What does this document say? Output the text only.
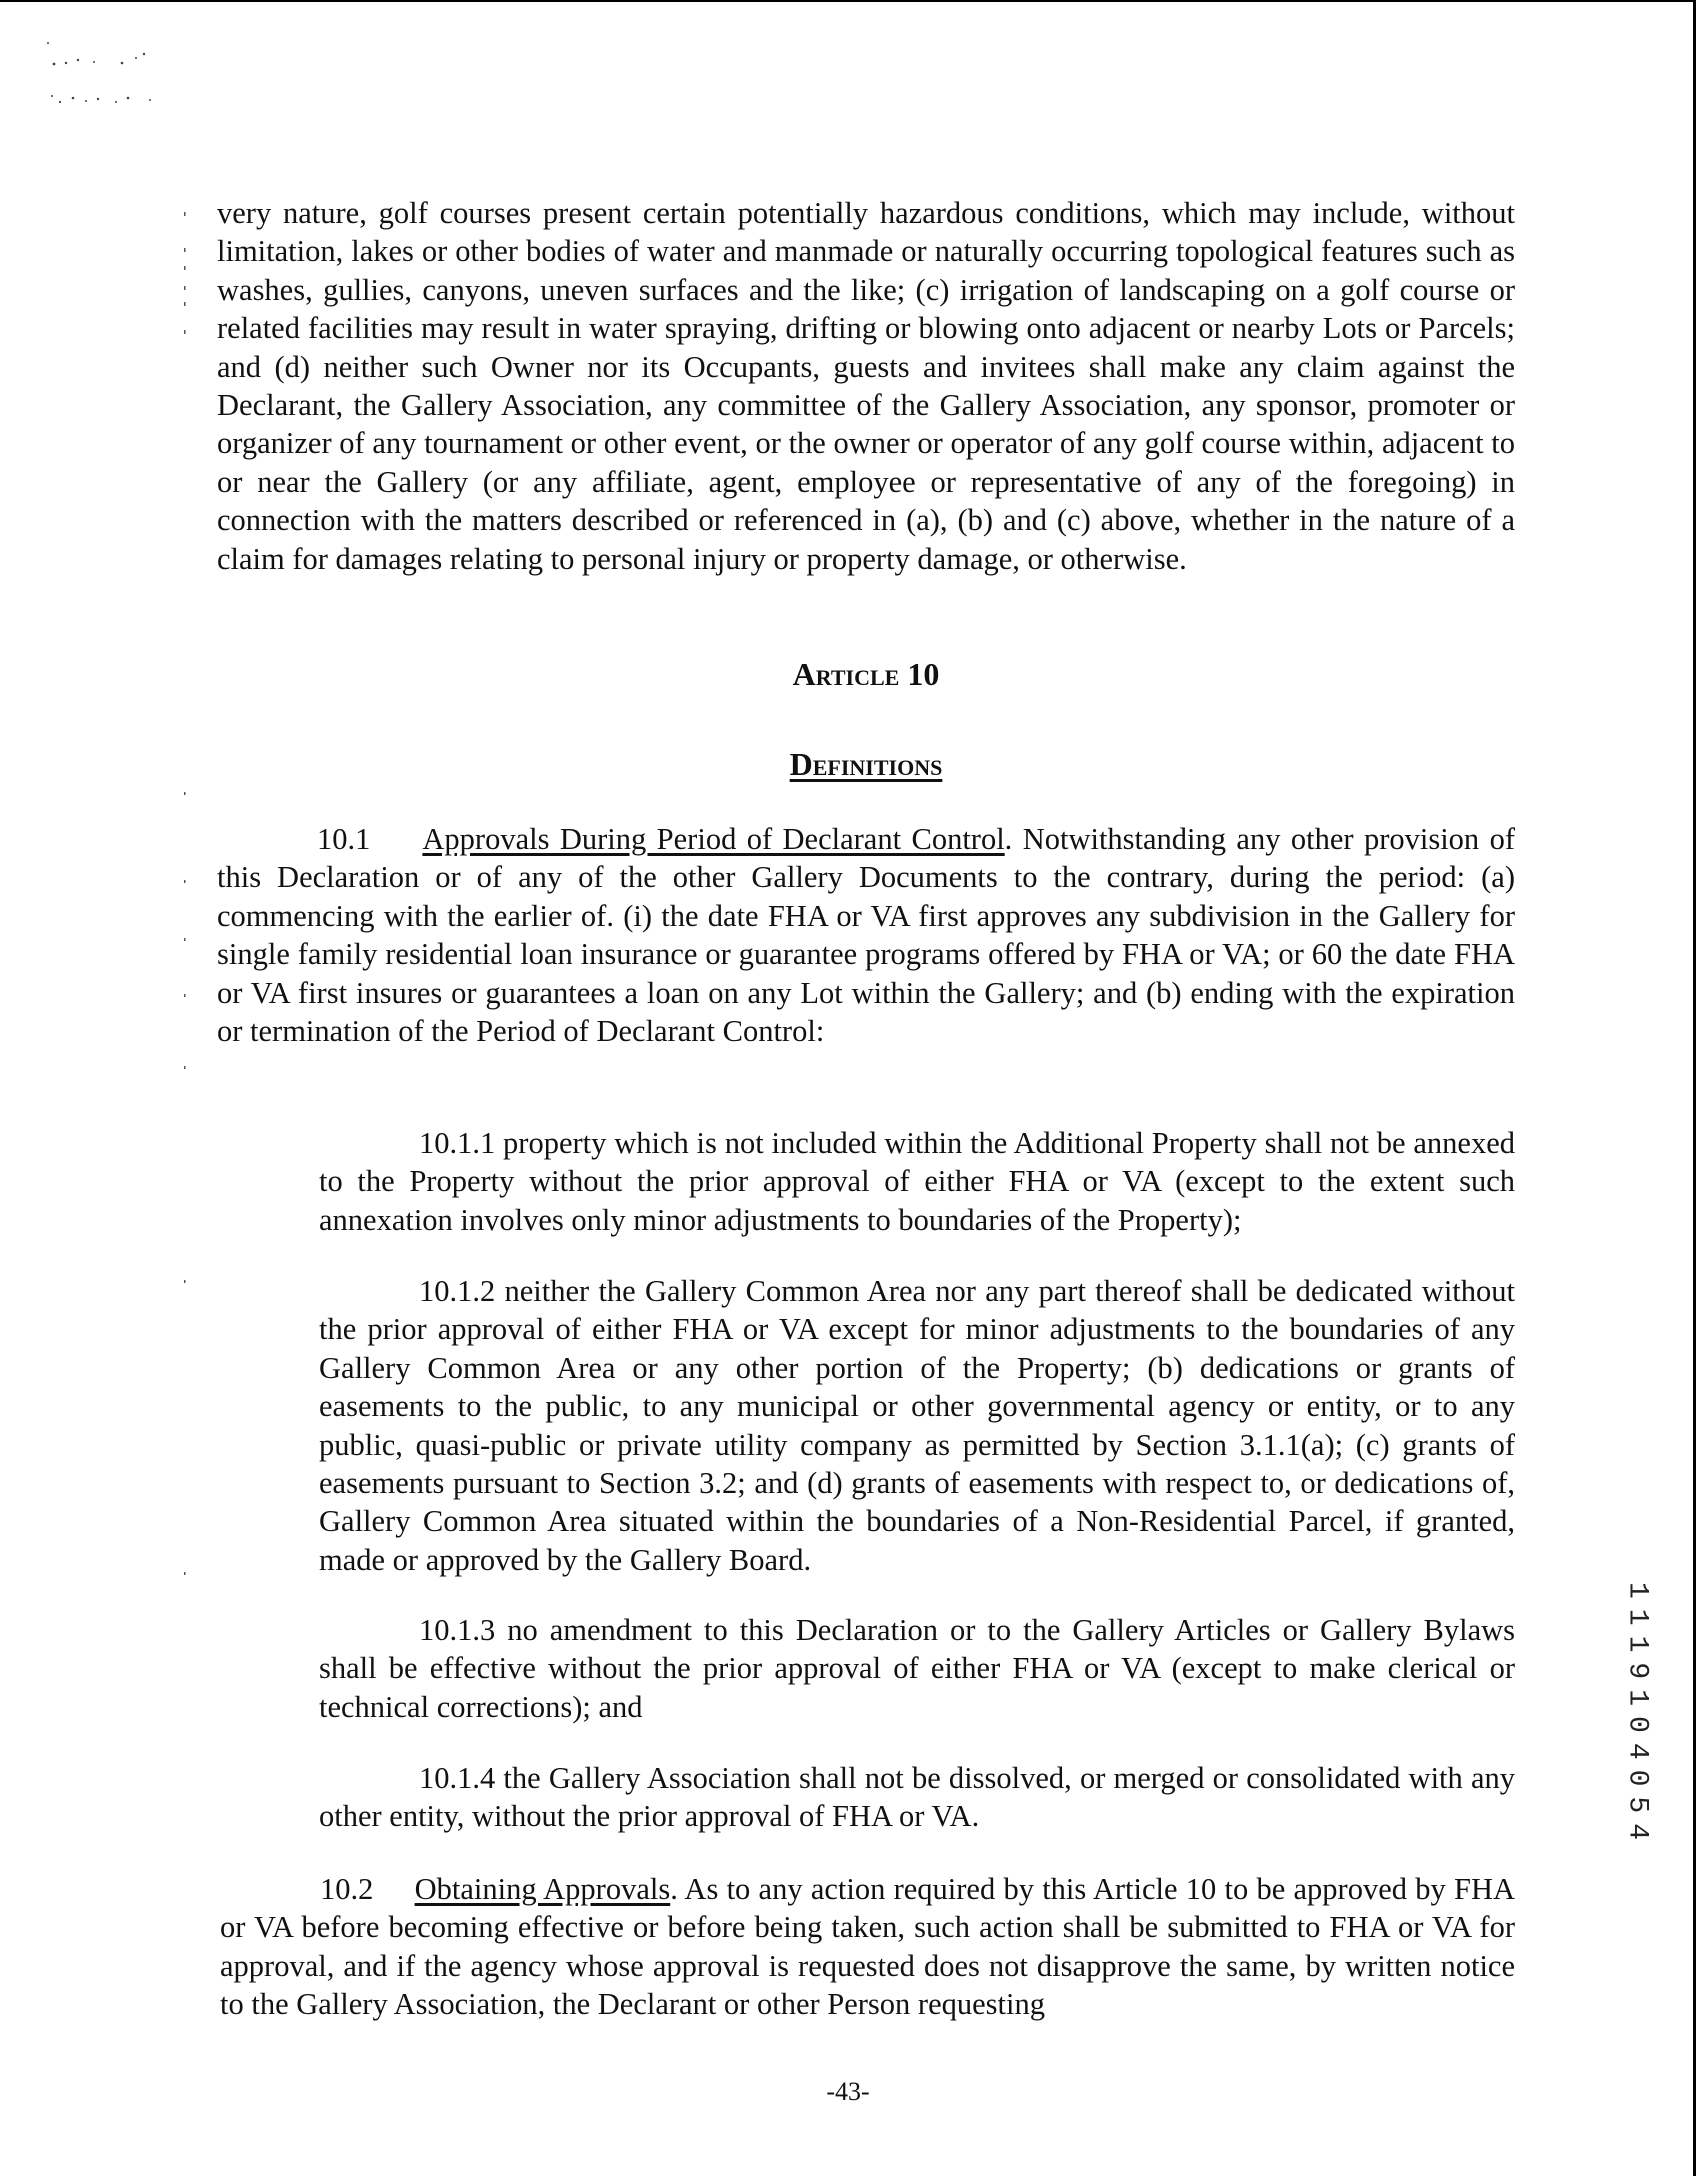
very nature, golf courses present certain potentially hazardous conditions, which may include, without limitation, lakes or other bodies of water and manmade or naturally occurring topological features such as washes, gullies, canyons, uneven surfaces and the like; (c) irrigation of landscaping on a golf course or related facilities may result in water spraying, drifting or blowing onto adjacent or nearby Lots or Parcels; and (d) neither such Owner nor its Occupants, guests and invitees shall make any claim against the Declarant, the Gallery Association, any committee of the Gallery Association, any sponsor, promoter or organizer of any tournament or other event, or the owner or operator of any golf course within, adjacent to or near the Gallery (or any affiliate, agent, employee or representative of any of the foregoing) in connection with the matters described or referenced in (a), (b) and (c) above, whether in the nature of a claim for damages relating to personal injury or property damage, or otherwise.
Article 10
Definitions
10.1 Approvals During Period of Declarant Control. Notwithstanding any other provision of this Declaration or of any of the other Gallery Documents to the contrary, during the period: (a) commencing with the earlier of. (i) the date FHA or VA first approves any subdivision in the Gallery for single family residential loan insurance or guarantee programs offered by FHA or VA; or 60 the date FHA or VA first insures or guarantees a loan on any Lot within the Gallery; and (b) ending with the expiration or termination of the Period of Declarant Control:
10.1.1 property which is not included within the Additional Property shall not be annexed to the Property without the prior approval of either FHA or VA (except to the extent such annexation involves only minor adjustments to boundaries of the Property);
10.1.2 neither the Gallery Common Area nor any part thereof shall be dedicated without the prior approval of either FHA or VA except for minor adjustments to the boundaries of any Gallery Common Area or any other portion of the Property; (b) dedications or grants of easements to the public, to any municipal or other governmental agency or entity, or to any public, quasi-public or private utility company as permitted by Section 3.1.1(a); (c) grants of easements pursuant to Section 3.2; and (d) grants of easements with respect to, or dedications of, Gallery Common Area situated within the boundaries of a Non-Residential Parcel, if granted, made or approved by the Gallery Board.
10.1.3 no amendment to this Declaration or to the Gallery Articles or Gallery Bylaws shall be effective without the prior approval of either FHA or VA (except to make clerical or technical corrections); and
10.1.4 the Gallery Association shall not be dissolved, or merged or consolidated with any other entity, without the prior approval of FHA or VA.
10.2 Obtaining Approvals. As to any action required by this Article 10 to be approved by FHA or VA before becoming effective or before being taken, such action shall be submitted to FHA or VA for approval, and if the agency whose approval is requested does not disapprove the same, by written notice to the Gallery Association, the Declarant or other Person requesting
-43-
1119104054
